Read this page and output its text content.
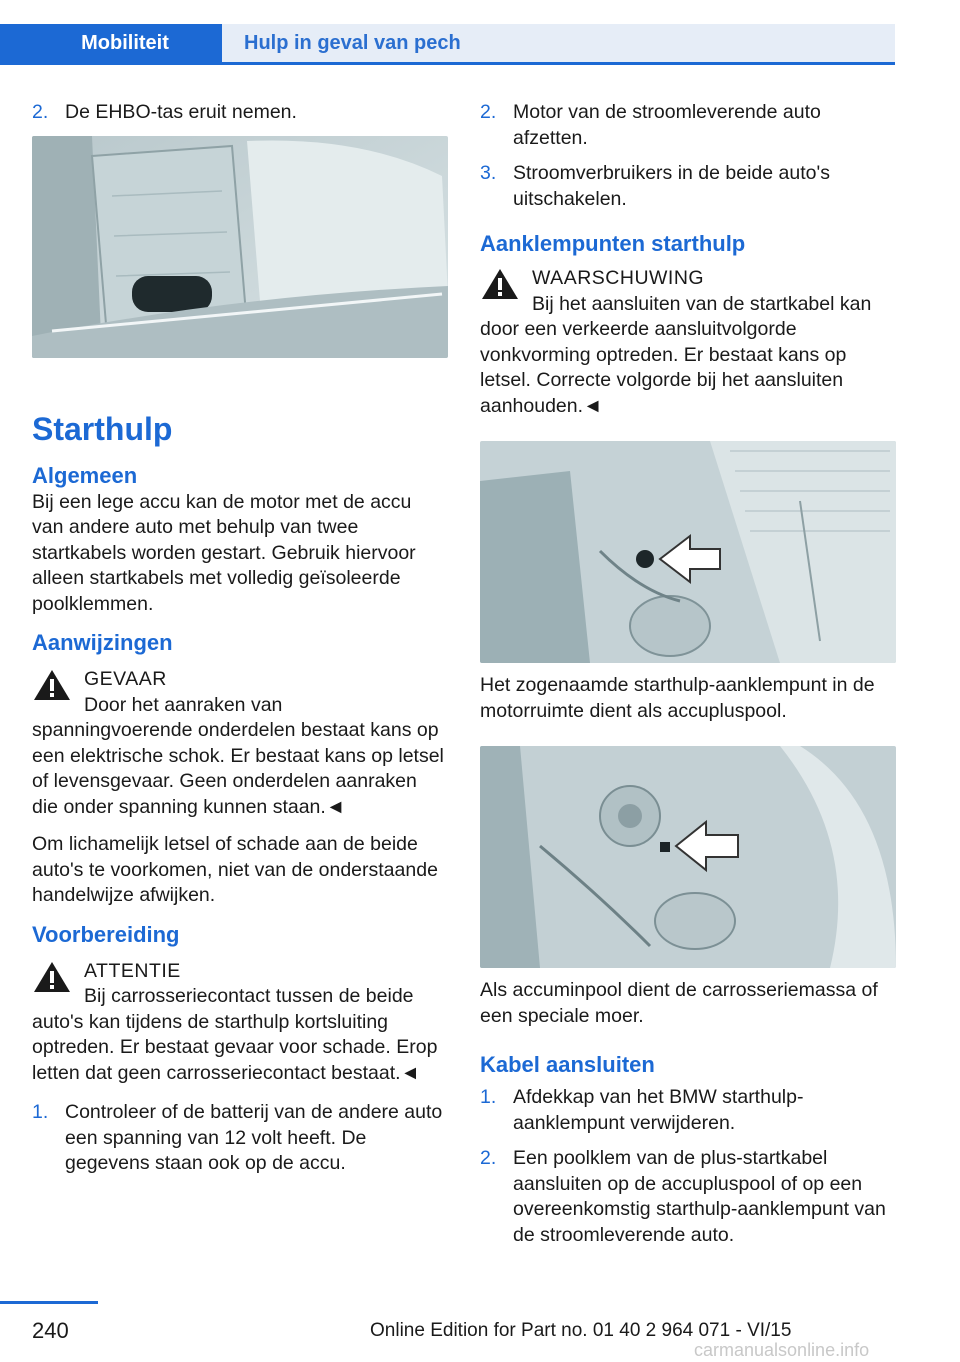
Mobiliteit	Hulp in geval van pech
2. De EHBO-tas eruit nemen.
Starthulp
Algemeen
Bij een lege accu kan de motor met de accu van andere auto met behulp van twee startkabels worden gestart. Gebruik hiervoor alleen startkabels met volledig geïsoleerde poolklemmen.
Aanwijzingen
GEVAAR
Door het aanraken van spanningvoerende onderdelen bestaat kans op een elektrische schok. Er bestaat kans op letsel of levensgevaar. Geen onderdelen aanraken die onder spanning kunnen staan.◄
Om lichamelijk letsel of schade aan de beide auto's te voorkomen, niet van de onderstaande handelwijze afwijken.
Voorbereiding
ATTENTIE
Bij carrosseriecontact tussen de beide auto's kan tijdens de starthulp kortsluiting optreden. Er bestaat gevaar voor schade. Erop letten dat geen carrosseriecontact bestaat.◄
1. Controleer of de batterij van de andere auto een spanning van 12 volt heeft. De gegevens staan ook op de accu.
2. Motor van de stroomleverende auto afzetten.
3. Stroomverbruikers in de beide auto's uitschakelen.
Aanklempunten starthulp
WAARSCHUWING
Bij het aansluiten van de startkabel kan door een verkeerde aansluitvolgorde vonkvorming optreden. Er bestaat kans op letsel. Correcte volgorde bij het aansluiten aanhouden.◄
Het zogenaamde starthulp-aanklempunt in de motorruimte dient als accupluspool.
Als accuminpool dient de carrosseriemassa of een speciale moer.
Kabel aansluiten
1. Afdekkap van het BMW starthulp-aanklempunt verwijderen.
2. Een poolklem van de plus-startkabel aansluiten op de accupluspool of op een overeenkomstig starthulp-aanklempunt van de stroomleverende auto.
240	Online Edition for Part no. 01 40 2 964 071 - VI/15
carmanualsonline.info
